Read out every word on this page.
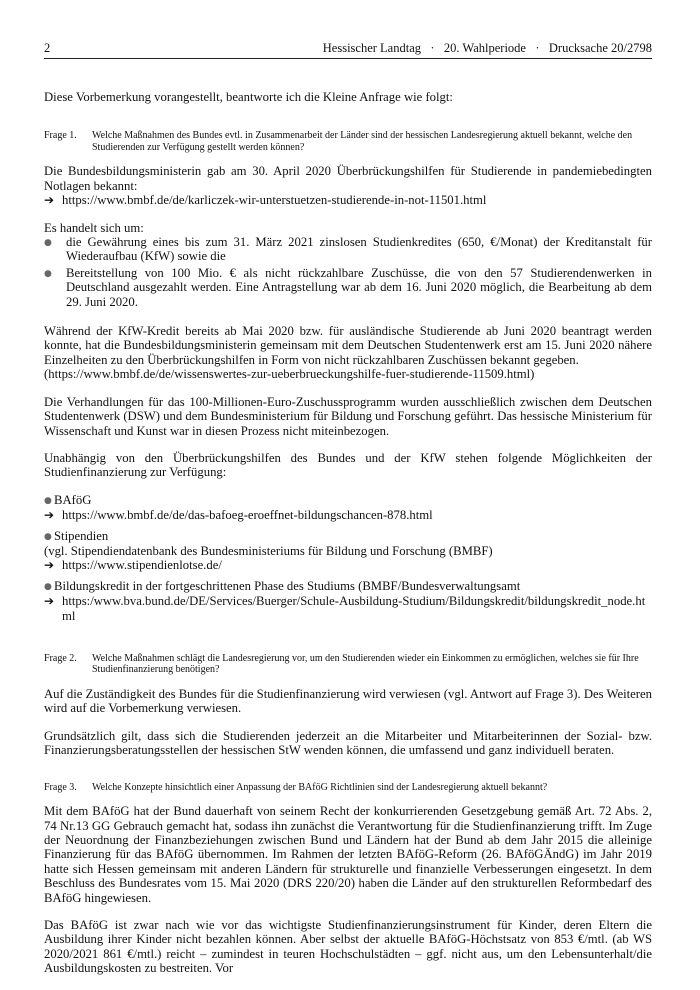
2	Hessischer Landtag   ·   20. Wahlperiode   ·   Drucksache 20/2798

Diese Vorbemerkung vorangestellt, beantworte ich die Kleine Anfrage wie folgt:

Frage 1.	Welche Maßnahmen des Bundes evtl. in Zusammenarbeit der Länder sind der hessischen Landesregierung aktuell bekannt, welche den Studierenden zur Verfügung gestellt werden können?

Die Bundesbildungsministerin gab am 30. April 2020 Überbrückungshilfen für Studierende in pandemiebedingten Notlagen bekannt:

➔ https://www.bmbf.de/de/karliczek-wir-unterstuetzen-studierende-in-not-11501.html

Es handelt sich um:

●	die Gewährung eines bis zum 31. März 2021 zinslosen Studienkredites (650, €/Monat) der Kreditanstalt für Wiederaufbau (KfW) sowie die
●	Bereitstellung von 100 Mio. € als nicht rückzahlbare Zuschüsse, die von den 57 Studierendenwerken in Deutschland ausgezahlt werden. Eine Antragstellung war ab dem 16. Juni 2020 möglich, die Bearbeitung ab dem 29. Juni 2020.

Während der KfW-Kredit bereits ab Mai 2020 bzw. für ausländische Studierende ab Juni 2020 beantragt werden konnte, hat die Bundesbildungsministerin gemeinsam mit dem Deutschen Studentenwerk erst am 15. Juni 2020 nähere Einzelheiten zu den Überbrückungshilfen in Form von nicht rückzahlbaren Zuschüssen bekannt gegeben.

(https://www.bmbf.de/de/wissenswertes-zur-ueberbrueckungshilfe-fuer-studierende-11509.html)

Die Verhandlungen für das 100-Millionen-Euro-Zuschussprogramm wurden ausschließlich zwischen dem Deutschen Studentenwerk (DSW) und dem Bundesministerium für Bildung und Forschung geführt. Das hessische Ministerium für Wissenschaft und Kunst war in diesen Prozess nicht miteinbezogen.

Unabhängig von den Überbrückungshilfen des Bundes und der KfW stehen folgende Möglichkeiten der Studienfinanzierung zur Verfügung:

● BAföG
➔ https://www.bmbf.de/de/das-bafoeg-eroeffnet-bildungschancen-878.html
● Stipendien

(vgl. Stipendiendatenbank des Bundesministeriums für Bildung und Forschung (BMBF)

➔ https://www.stipendienlotse.de/
● Bildungskredit in der fortgeschrittenen Phase des Studiums (BMBF/Bundesverwaltungsamt
➔ https:/www.bva.bund.de/DE/Services/Buerger/Schule-Ausbildung-Studium/Bildungskredit/bildungskredit_node.html
Frage 2.	Welche Maßnahmen schlägt die Landesregierung vor, um den Studierenden wieder ein Einkommen zu ermöglichen, welches sie für Ihre Studienfinanzierung benötigen?

Auf die Zuständigkeit des Bundes für die Studienfinanzierung wird verwiesen (vgl. Antwort auf Frage 3). Des Weiteren wird auf die Vorbemerkung verwiesen.

Grundsätzlich gilt, dass sich die Studierenden jederzeit an die Mitarbeiter und Mitarbeiterinnen der Sozial- bzw. Finanzierungsberatungsstellen der hessischen StW wenden können, die umfassend und ganz individuell beraten.

Frage 3.	Welche Konzepte hinsichtlich einer Anpassung der BAföG Richtlinien sind der Landesregierung aktuell bekannt?

Mit dem BAföG hat der Bund dauerhaft von seinem Recht der konkurrierenden Gesetzgebung gemäß Art. 72 Abs. 2, 74 Nr.13 GG Gebrauch gemacht hat, sodass ihn zunächst die Verantwortung für die Studienfinanzierung trifft. Im Zuge der Neuordnung der Finanzbeziehungen zwischen Bund und Ländern hat der Bund ab dem Jahr 2015 die alleinige Finanzierung für das BAföG übernommen. Im Rahmen der letzten BAföG-Reform (26. BAföGÄndG) im Jahr 2019 hatte sich Hessen gemeinsam mit anderen Ländern für strukturelle und finanzielle Verbesserungen eingesetzt. In dem Beschluss des Bundesrates vom 15. Mai 2020 (DRS 220/20) haben die Länder auf den strukturellen Reformbedarf des BAföG hingewiesen.

Das BAföG ist zwar nach wie vor das wichtigste Studienfinanzierungsinstrument für Kinder, deren Eltern die Ausbildung ihrer Kinder nicht bezahlen können. Aber selbst der aktuelle BAföG-Höchstsatz von 853 €/mtl. (ab WS 2020/2021 861 €/mtl.) reicht – zumindest in teuren Hochschulstädten – ggf. nicht aus, um den Lebensunterhalt/die Ausbildungskosten zu bestreiten. Vor
